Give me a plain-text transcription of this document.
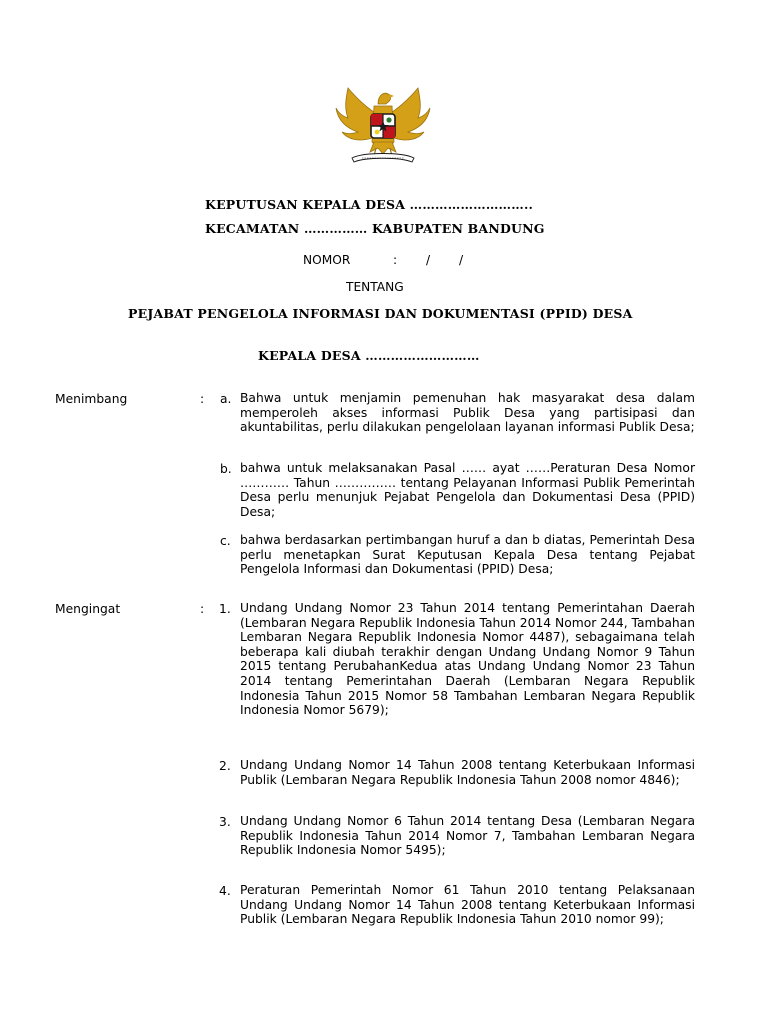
KEPUTUSAN KEPALA DESA ………………………..
KECAMATAN …………… KABUPATEN BANDUNG
NOMOR	: / /
TENTANG
PEJABAT PENGELOLA INFORMASI DAN DOKUMENTASI (PPID) DESA
KEPALA DESA ………………………
Menimbang	: a. Bahwa untuk menjamin pemenuhan hak masyarakat desa dalam memperoleh akses informasi Publik Desa yang partisipasi dan akuntabilitas, perlu dilakukan pengelolaan layanan informasi Publik Desa;
b. bahwa untuk melaksanakan Pasal …… ayat ……Peraturan Desa Nomor ………… Tahun …………… tentang Pelayanan Informasi Publik Pemerintah Desa perlu menunjuk Pejabat Pengelola dan Dokumentasi Desa (PPID) Desa;
c. bahwa berdasarkan pertimbangan huruf a dan b diatas, Pemerintah Desa perlu menetapkan Surat Keputusan Kepala Desa tentang Pejabat Pengelola Informasi dan Dokumentasi (PPID) Desa;
Mengingat	: 1. Undang Undang Nomor 23 Tahun 2014 tentang Pemerintahan Daerah (Lembaran Negara Republik Indonesia Tahun 2014 Nomor 244, Tambahan Lembaran Negara Republik Indonesia Nomor 4487), sebagaimana telah beberapa kali diubah terakhir dengan Undang Undang Nomor 9 Tahun 2015 tentang PerubahanKedua atas Undang Undang Nomor 23 Tahun 2014 tentang Pemerintahan Daerah (Lembaran Negara Republik Indonesia Tahun 2015 Nomor 58 Tambahan Lembaran Negara Republik Indonesia Nomor 5679);
2. Undang Undang Nomor 14 Tahun 2008 tentang Keterbukaan Informasi Publik (Lembaran Negara Republik Indonesia Tahun 2008 nomor 4846);
3. Undang Undang Nomor 6 Tahun 2014 tentang Desa (Lembaran Negara Republik Indonesia Tahun 2014 Nomor 7, Tambahan Lembaran Negara Republik Indonesia Nomor 5495);
4. Peraturan Pemerintah Nomor 61 Tahun 2010 tentang Pelaksanaan Undang Undang Nomor 14 Tahun 2008 tentang Keterbukaan Informasi Publik (Lembaran Negara Republik Indonesia Tahun 2010 nomor 99);
